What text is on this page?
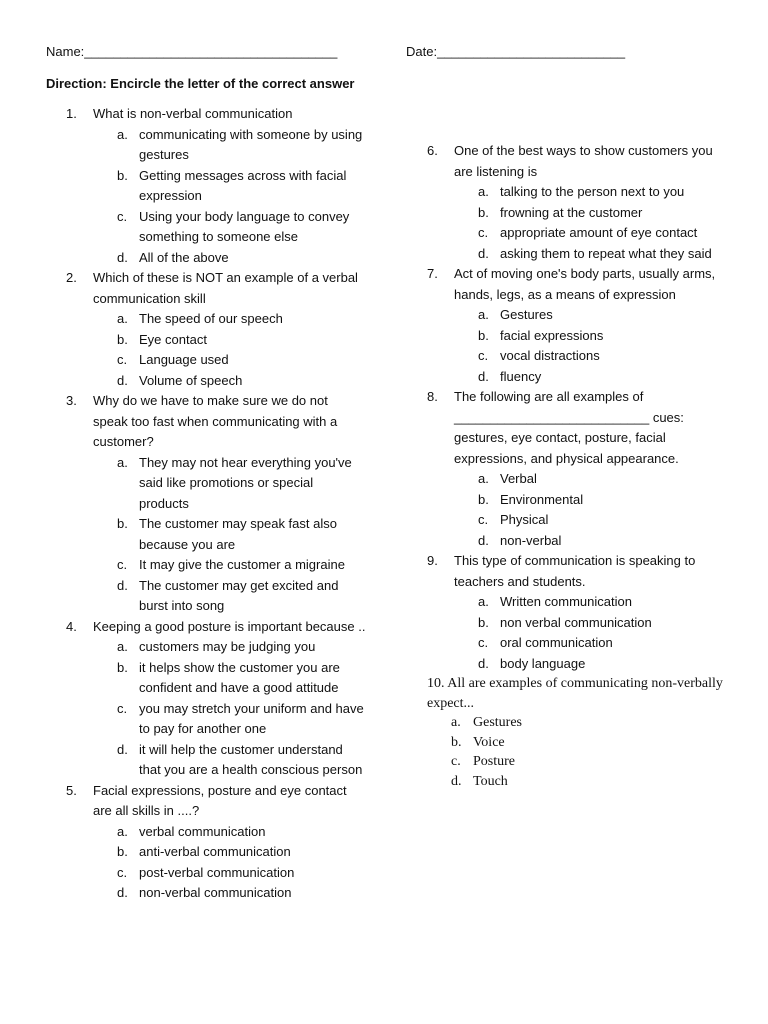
Name:___________________________________	Date:__________________________
Direction: Encircle the letter of the correct answer
1. What is non-verbal communication
a. communicating with someone by using gestures
b. Getting messages across with facial expression
c. Using your body language to convey something to someone else
d. All of the above
2. Which of these is NOT an example of a verbal communication skill
a. The speed of our speech
b. Eye contact
c. Language used
d. Volume of speech
3. Why do we have to make sure we do not speak too fast when communicating with a customer?
a. They may not hear everything you've said like promotions or special products
b. The customer may speak fast also because you are
c. It may give the customer a migraine
d. The customer may get excited and burst into song
4. Keeping a good posture is important because ..
a. customers may be judging you
b. it helps show the customer you are confident and have a good attitude
c. you may stretch your uniform and have to pay for another one
d. it will help the customer understand that you are a health conscious person
5. Facial expressions, posture and eye contact are all skills in ....?
a. verbal communication
b. anti-verbal communication
c. post-verbal communication
d. non-verbal communication
6. One of the best ways to show customers you are listening is
a. talking to the person next to you
b. frowning at the customer
c. appropriate amount of eye contact
d. asking them to repeat what they said
7. Act of moving one's body parts, usually arms, hands, legs, as a means of expression
a. Gestures
b. facial expressions
c. vocal distractions
d. fluency
8. The following are all examples of ___________________________ cues: gestures, eye contact, posture, facial expressions, and physical appearance.
a. Verbal
b. Environmental
c. Physical
d. non-verbal
9. This type of communication is speaking to teachers and students.
a. Written communication
b. non verbal communication
c. oral communication
d. body language
10. All are examples of communicating non-verbally expect...
a. Gestures
b. Voice
c. Posture
d. Touch
